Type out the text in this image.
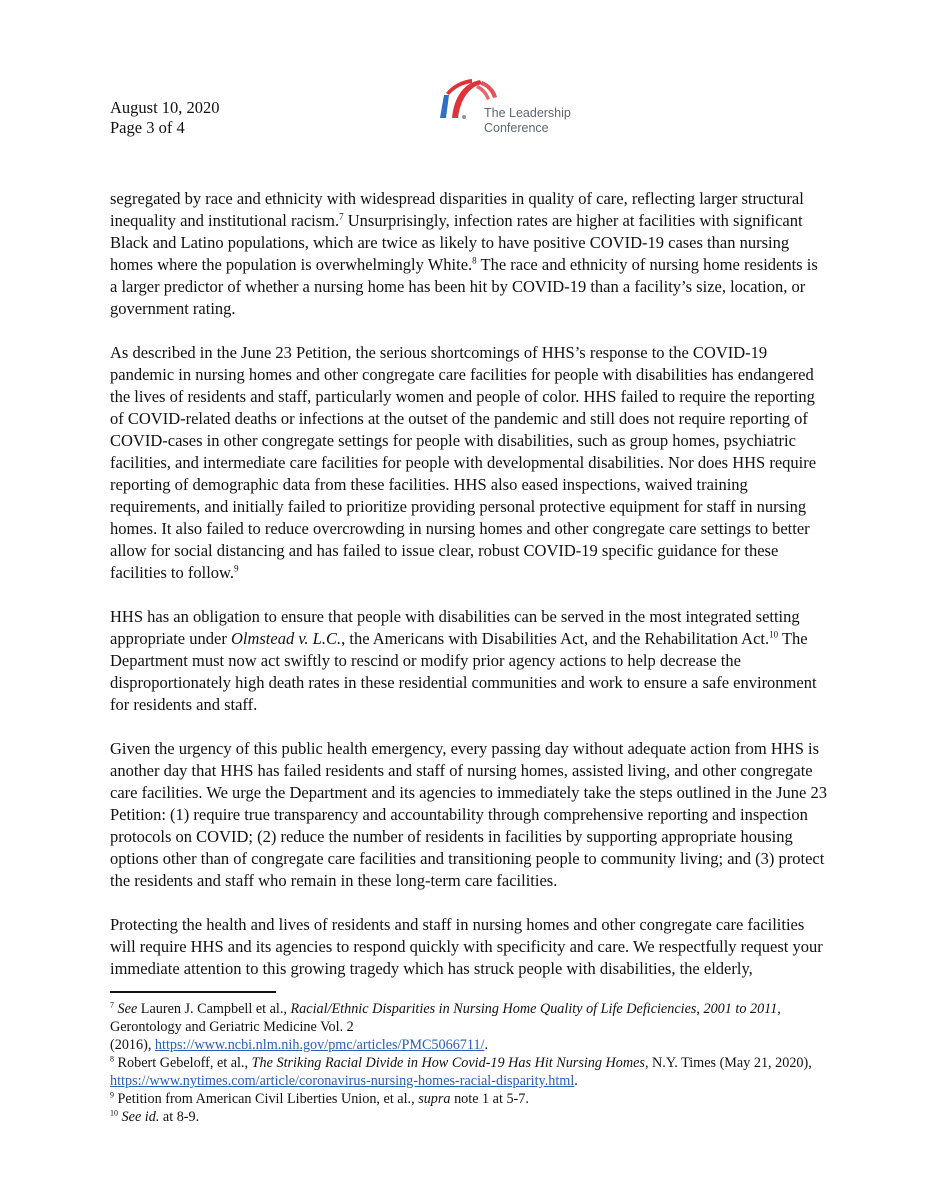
August 10, 2020
Page 3 of 4
The Leadership
Conference

segregated by race and ethnicity with widespread disparities in quality of care, reflecting larger structural inequality and institutional racism.$^7$ Unsurprisingly, infection rates are higher at facilities with significant Black and Latino populations, which are twice as likely to have positive COVID-19 cases than nursing homes where the population is overwhelmingly White.$^8$ The race and ethnicity of nursing home residents is a larger predictor of whether a nursing home has been hit by COVID-19 than a facility’s size, location, or government rating.

As described in the June 23 Petition, the serious shortcomings of HHS’s response to the COVID-19 pandemic in nursing homes and other congregate care facilities for people with disabilities has endangered the lives of residents and staff, particularly women and people of color. HHS failed to require the reporting of COVID-related deaths or infections at the outset of the pandemic and still does not require reporting of COVID-cases in other congregate settings for people with disabilities, such as group homes, psychiatric facilities, and intermediate care facilities for people with developmental disabilities. Nor does HHS require reporting of demographic data from these facilities. HHS also eased inspections, waived training requirements, and initially failed to prioritize providing personal protective equipment for staff in nursing homes. It also failed to reduce overcrowding in nursing homes and other congregate care settings to better allow for social distancing and has failed to issue clear, robust COVID-19 specific guidance for these facilities to follow.$^9$

HHS has an obligation to ensure that people with disabilities can be served in the most integrated setting appropriate under Olmstead v. L.C., the Americans with Disabilities Act, and the Rehabilitation Act.$^{10}$ The Department must now act swiftly to rescind or modify prior agency actions to help decrease the disproportionately high death rates in these residential communities and work to ensure a safe environment for residents and staff.

Given the urgency of this public health emergency, every passing day without adequate action from HHS is another day that HHS has failed residents and staff of nursing homes, assisted living, and other congregate care facilities. We urge the Department and its agencies to immediately take the steps outlined in the June 23 Petition: (1) require true transparency and accountability through comprehensive reporting and inspection protocols on COVID; (2) reduce the number of residents in facilities by supporting appropriate housing options other than of congregate care facilities and transitioning people to community living; and (3) protect the residents and staff who remain in these long-term care facilities.

Protecting the health and lives of residents and staff in nursing homes and other congregate care facilities will require HHS and its agencies to respond quickly with specificity and care. We respectfully request your immediate attention to this growing tragedy which has struck people with disabilities, the elderly,

$^7$ See Lauren J. Campbell et al., Racial/Ethnic Disparities in Nursing Home Quality of Life Deficiencies, 2001 to 2011, Gerontology and Geriatric Medicine Vol. 2
(2016), https://www.ncbi.nlm.nih.gov/pmc/articles/PMC5066711/.

$^8$ Robert Gebeloff, et al., The Striking Racial Divide in How Covid-19 Has Hit Nursing Homes, N.Y. Times (May 21, 2020), https://www.nytimes.com/article/coronavirus-nursing-homes-racial-disparity.html.

$^9$ Petition from American Civil Liberties Union, et al., supra note 1 at 5-7.

$^{10}$ See id. at 8-9.
